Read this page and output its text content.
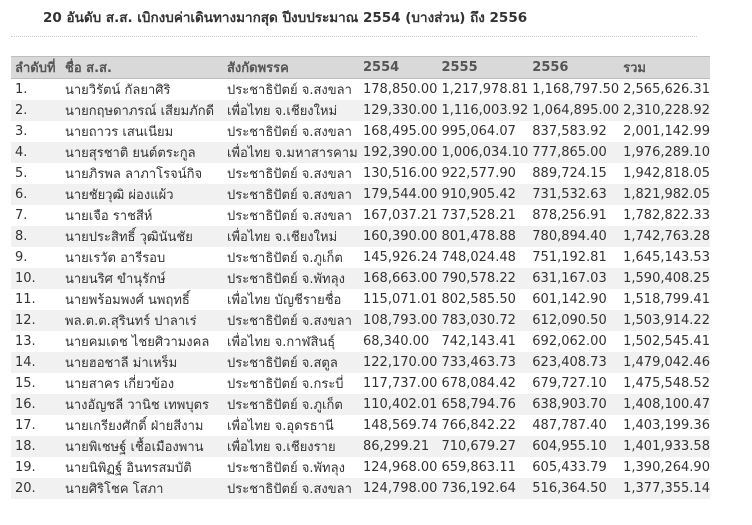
20 อันดับ ส.ส. เบิกงบค่าเดินทางมากสุด ปีงบประมาณ 2554 (บางส่วน) ถึง 2556
ลำดับที่	ชื่อ ส.ส.	สังกัดพรรค	2554	2555	2556	รวม
1.	นายวิรัตน์ กัลยาศิริ	ประชาธิปัตย์ จ.สงขลา	178,850.00	1,217,978.81	1,168,797.50	2,565,626.31
2.	นายกฤษดาภรณ์ เสียมภักดี	เพื่อไทย จ.เชียงใหม่	129,330.00	1,116,003.92	1,064,895.00	2,310,228.92
3.	นายถาวร เสนเนียม	ประชาธิปัตย์ จ.สงขลา	168,495.00	995,064.07	837,583.92	2,001,142.99
4.	นายสุรชาติ ยนต์ตระกูล	เพื่อไทย จ.มหาสารคาม	192,390.00	1,006,034.10	777,865.00	1,976,289.10
5.	นายภิรพล ลาภาโรจน์กิจ	ประชาธิปัตย์ จ.สงขลา	130,516.00	922,577.90	889,724.15	1,942,818.05
6.	นายชัยวุฒิ ผ่องแผ้ว	ประชาธิปัตย์ จ.สงขลา	179,544.00	910,905.42	731,532.63	1,821,982.05
7.	นายเจือ ราชสีห์	ประชาธิปัตย์ จ.สงขลา	167,037.21	737,528.21	878,256.91	1,782,822.33
8.	นายประสิทธิ์ วุฒินันชัย	เพื่อไทย จ.เชียงใหม่	160,390.00	801,478.88	780,894.40	1,742,763.28
9.	นายเรวัต อารีรอบ	ประชาธิปัตย์ จ.ภูเก็ต	145,926.24	748,024.48	751,192.81	1,645,143.53
10.	นายนริศ ขำนุรักษ์	ประชาธิปัตย์ จ.พัทลุง	168,663.00	790,578.22	631,167.03	1,590,408.25
11.	นายพร้อมพงศ์ นพฤทธิ์	เพื่อไทย บัญชีรายชื่อ	115,071.01	802,585.50	601,142.90	1,518,799.41
12.	พล.ต.ต.สุรินทร์ ปาลาเร่	ประชาธิปัตย์ จ.สงขลา	108,793.00	783,030.72	612,090.50	1,503,914.22
13.	นายคมเดช ไชยศิวามงคล	เพื่อไทย จ.กาฬสินธุ์	68,340.00	742,143.41	692,062.00	1,502,545.41
14.	นายฮอชาลี ม่าเหร็ม	ประชาธิปัตย์ จ.สตูล	122,170.00	733,463.73	623,408.73	1,479,042.46
15.	นายสาคร เกี่ยวข้อง	ประชาธิปัตย์ จ.กระบี่	117,737.00	678,084.42	679,727.10	1,475,548.52
16.	นางอัญชลี วานิช เทพบุตร	ประชาธิปัตย์ จ.ภูเก็ต	110,402.01	658,794.76	638,903.70	1,408,100.47
17.	นายเกรียงศักดิ์ ฝ่ายสีงาม	เพื่อไทย จ.อุดรธานี	148,569.74	766,842.22	487,787.40	1,403,199.36
18.	นายพิเชษฐ์ เชื้อเมืองพาน	เพื่อไทย จ.เชียงราย	86,299.21	710,679.27	604,955.10	1,401,933.58
19.	นายนิพิฏฐ์ อินทรสมบัติ	ประชาธิปัตย์ จ.พัทลุง	124,968.00	659,863.11	605,433.79	1,390,264.90
20.	นายศิริโชค โสภา	ประชาธิปัตย์ จ.สงขลา	124,798.00	736,192.64	516,364.50	1,377,355.14
